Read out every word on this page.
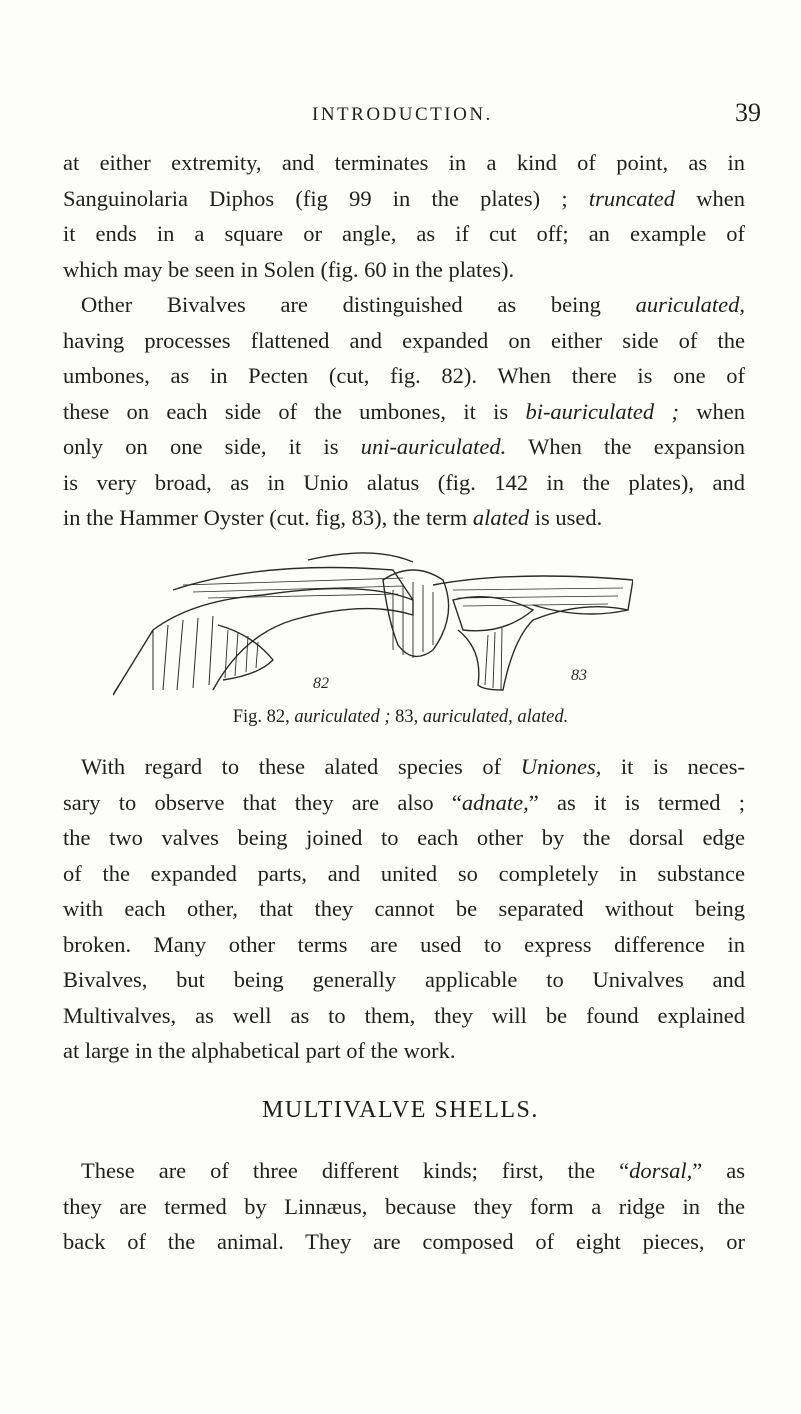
INTRODUCTION.	39
at either extremity, and terminates in a kind of point, as in
Sanguinolaria Diphos (fig 99 in the plates) ; truncated when
it ends in a square or angle, as if cut off; an example of
which may be seen in Solen (fig. 60 in the plates).
Other Bivalves are distinguished as being auriculated,
having processes flattened and expanded on either side of the
umbones, as in Pecten (cut, fig. 82). When there is one of
these on each side of the umbones, it is bi-auriculated ; when
only on one side, it is uni-auriculated. When the expansion
is very broad, as in Unio alatus (fig. 142 in the plates), and
in the Hammer Oyster (cut. fig, 83), the term alated is used.
82	83
Fig. 82, auriculated ; 83, auriculated, alated.
With regard to these alated species of Uniones, it is neces-
sary to observe that they are also “adnate,” as it is termed ;
the two valves being joined to each other by the dorsal edge
of the expanded parts, and united so completely in substance
with each other, that they cannot be separated without being
broken. Many other terms are used to express difference in
Bivalves, but being generally applicable to Univalves and
Multivalves, as well as to them, they will be found explained
at large in the alphabetical part of the work.
MULTIVALVE SHELLS.
These are of three different kinds; first, the “dorsal,” as
they are termed by Linnæus, because they form a ridge in the
back of the animal. They are composed of eight pieces, or
